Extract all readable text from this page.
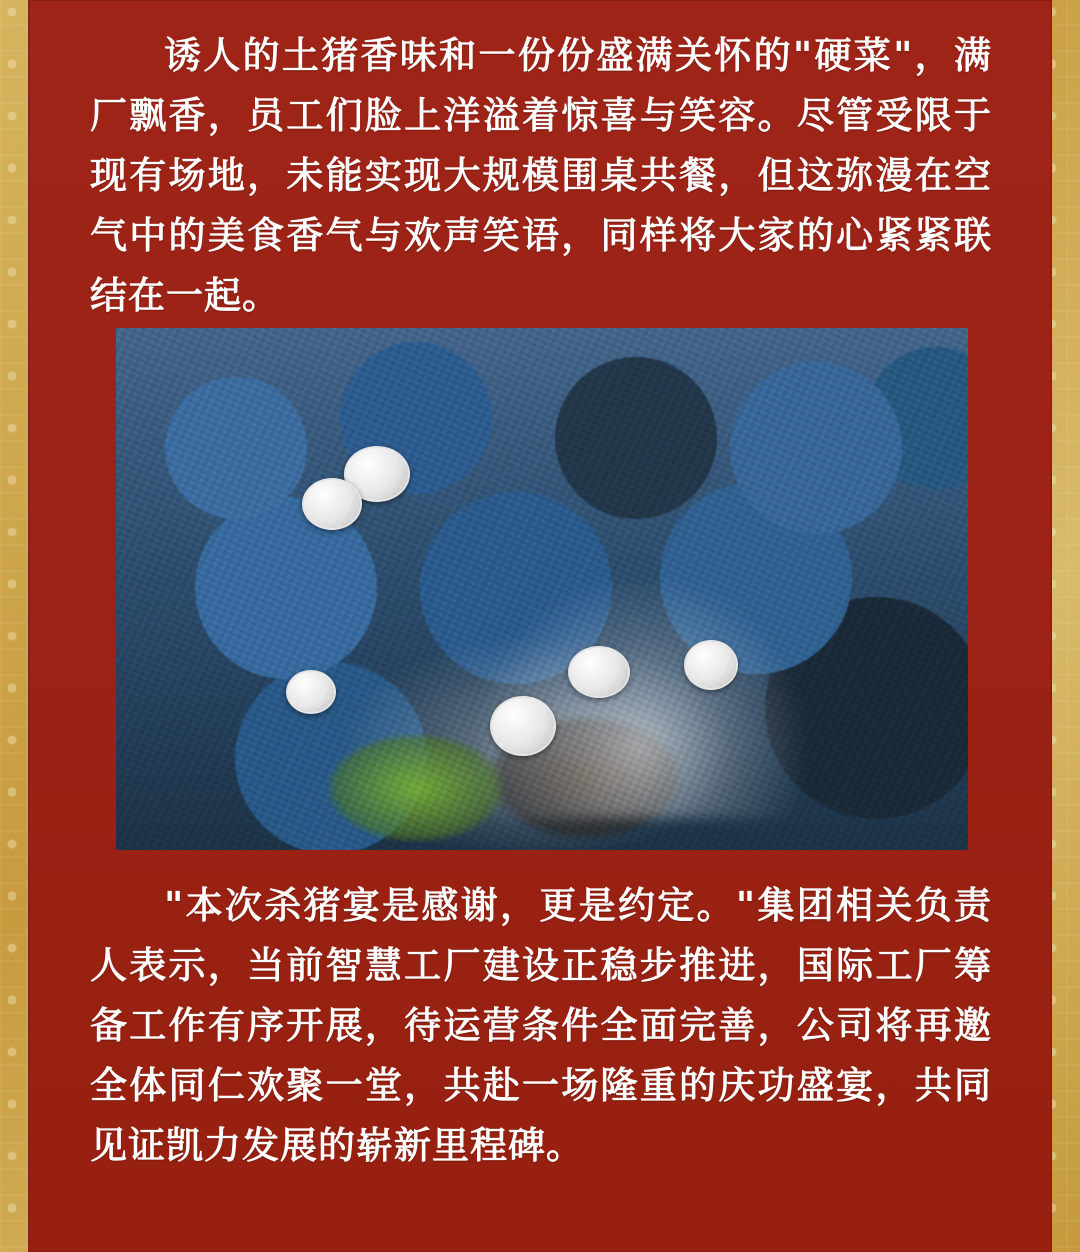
诱人的土猪香味和一份份盛满关怀的"硬菜"，满厂飘香，员工们脸上洋溢着惊喜与笑容。尽管受限于现有场地，未能实现大规模围桌共餐，但这弥漫在空气中的美食香气与欢声笑语，同样将大家的心紧紧联结在一起。
"本次杀猪宴是感谢，更是约定。"集团相关负责人表示，当前智慧工厂建设正稳步推进，国际工厂筹备工作有序开展，待运营条件全面完善，公司将再邀全体同仁欢聚一堂，共赴一场隆重的庆功盛宴，共同见证凯力发展的崭新里程碑。
